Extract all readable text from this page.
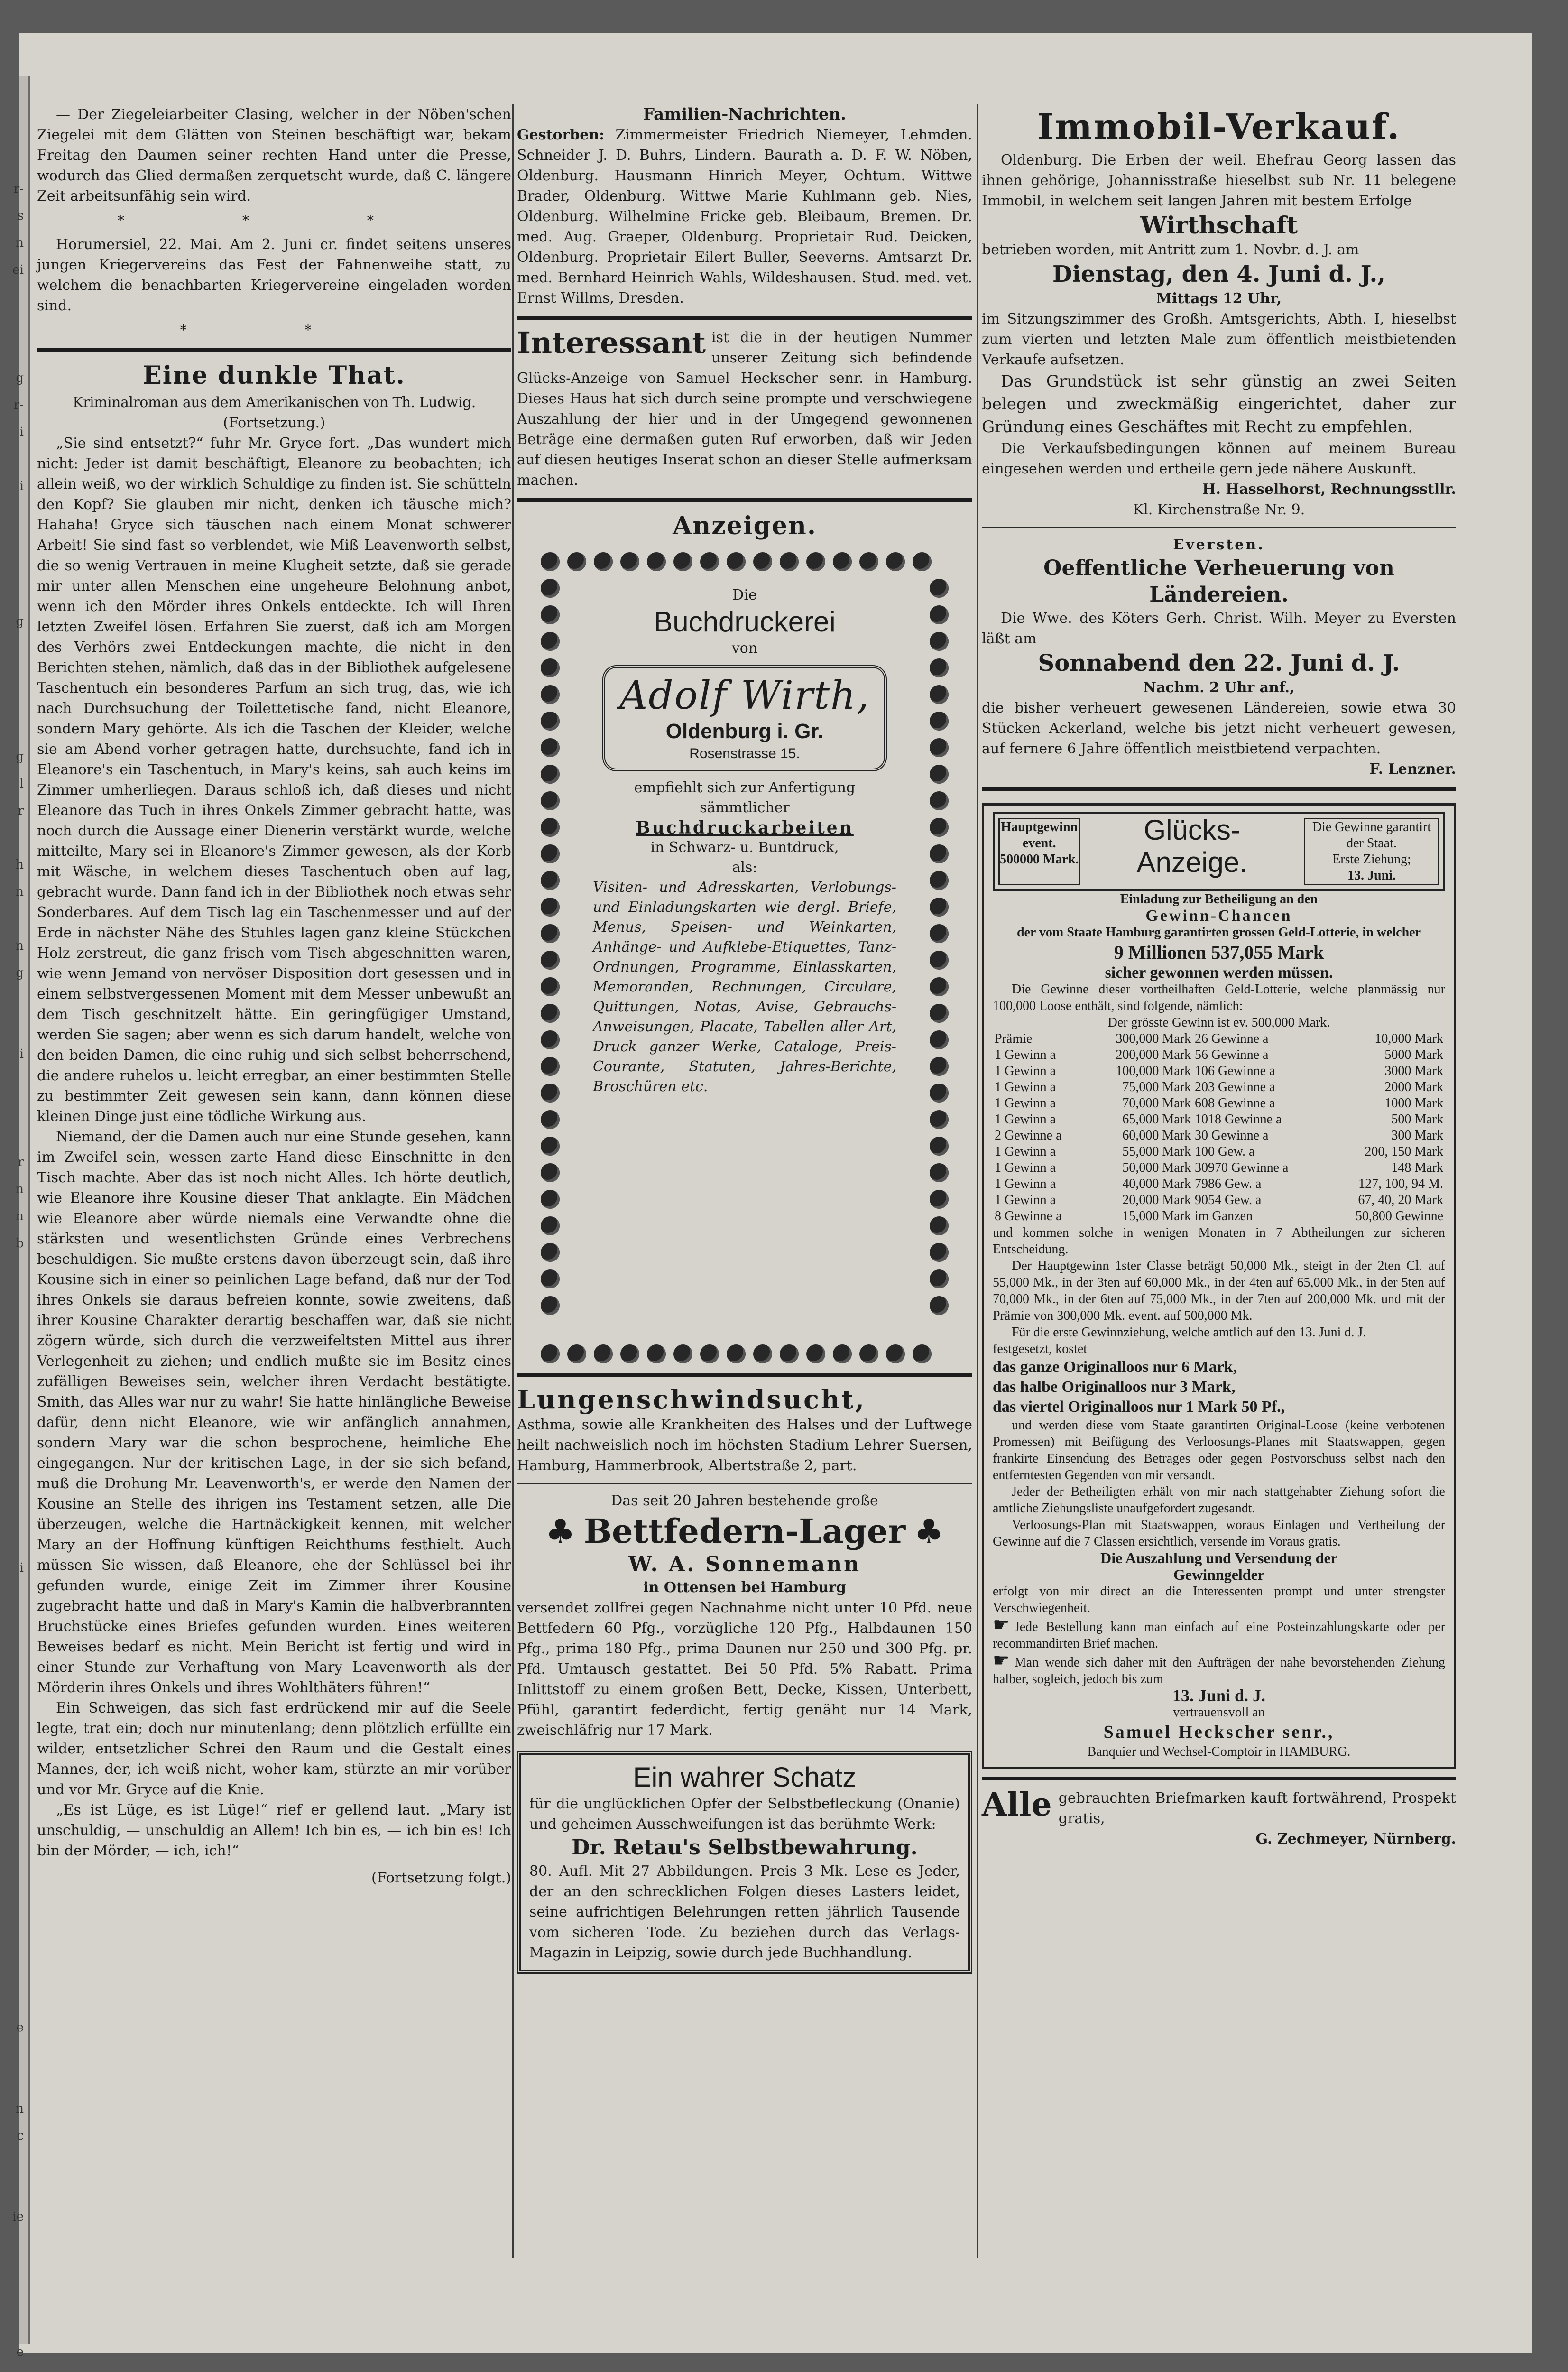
r-
s
n
ei

g
r-
i

i

g

g
l
r

h
n

n
g

i

r
n
n
b

i

e

n
c

ie

e

— Der Ziegeleiarbeiter Clasing, welcher in der Nöben'schen Ziegelei mit dem Glätten von Steinen beschäftigt war, bekam Freitag den Daumen seiner rechten Hand unter die Presse, wodurch das Glied dermaßen zerquetscht wurde, daß C. längere Zeit arbeitsunfähig sein wird.

* * *

Horumersiel, 22. Mai. Am 2. Juni cr. findet seitens unseres jungen Kriegervereins das Fest der Fahnenweihe statt, zu welchem die benachbarten Kriegervereine eingeladen worden sind.

* *
Eine dunkle That.
Kriminalroman aus dem Amerikanischen von Th. Ludwig.
(Fortsetzung.)

„Sie sind entsetzt?“ fuhr Mr. Gryce fort. „Das wundert mich nicht: Jeder ist damit beschäftigt, Eleanore zu beobachten; ich allein weiß, wo der wirklich Schuldige zu finden ist. Sie schütteln den Kopf? Sie glauben mir nicht, denken ich täusche mich? Hahaha! Gryce sich täuschen nach einem Monat schwerer Arbeit! Sie sind fast so verblendet, wie Miß Leavenworth selbst, die so wenig Vertrauen in meine Klugheit setzte, daß sie gerade mir unter allen Menschen eine ungeheure Belohnung anbot, wenn ich den Mörder ihres Onkels entdeckte. Ich will Ihren letzten Zweifel lösen. Erfahren Sie zuerst, daß ich am Morgen des Verhörs zwei Entdeckungen machte, die nicht in den Berichten stehen, nämlich, daß das in der Bibliothek aufgelesene Taschentuch ein besonderes Parfum an sich trug, das, wie ich nach Durchsuchung der Toilettetische fand, nicht Eleanore, sondern Mary gehörte. Als ich die Taschen der Kleider, welche sie am Abend vorher getragen hatte, durchsuchte, fand ich in Eleanore's ein Taschentuch, in Mary's keins, sah auch keins im Zimmer umherliegen. Daraus schloß ich, daß dieses und nicht Eleanore das Tuch in ihres Onkels Zimmer gebracht hatte, was noch durch die Aussage einer Dienerin verstärkt wurde, welche mitteilte, Mary sei in Eleanore's Zimmer gewesen, als der Korb mit Wäsche, in welchem dieses Taschentuch oben auf lag, gebracht wurde. Dann fand ich in der Bibliothek noch etwas sehr Sonderbares. Auf dem Tisch lag ein Taschenmesser und auf der Erde in nächster Nähe des Stuhles lagen ganz kleine Stückchen Holz zerstreut, die ganz frisch vom Tisch abgeschnitten waren, wie wenn Jemand von nervöser Disposition dort gesessen und in einem selbstvergessenen Moment mit dem Messer unbewußt an dem Tisch geschnitzelt hätte. Ein geringfügiger Umstand, werden Sie sagen; aber wenn es sich darum handelt, welche von den beiden Damen, die eine ruhig und sich selbst beherrschend, die andere ruhelos u. leicht erregbar, an einer bestimmten Stelle zu bestimmter Zeit gewesen sein kann, dann können diese kleinen Dinge just eine tödliche Wirkung aus.

Niemand, der die Damen auch nur eine Stunde gesehen, kann im Zweifel sein, wessen zarte Hand diese Einschnitte in den Tisch machte. Aber das ist noch nicht Alles. Ich hörte deutlich, wie Eleanore ihre Kousine dieser That anklagte. Ein Mädchen wie Eleanore aber würde niemals eine Verwandte ohne die stärksten und wesentlichsten Gründe eines Verbrechens beschuldigen. Sie mußte erstens davon überzeugt sein, daß ihre Kousine sich in einer so peinlichen Lage befand, daß nur der Tod ihres Onkels sie daraus befreien konnte, sowie zweitens, daß ihrer Kousine Charakter derartig beschaffen war, daß sie nicht zögern würde, sich durch die verzweifeltsten Mittel aus ihrer Verlegenheit zu ziehen; und endlich mußte sie im Besitz eines zufälligen Beweises sein, welcher ihren Verdacht bestätigte. Smith, das Alles war nur zu wahr! Sie hatte hinlängliche Beweise dafür, denn nicht Eleanore, wie wir anfänglich annahmen, sondern Mary war die schon besprochene, heimliche Ehe eingegangen. Nur der kritischen Lage, in der sie sich befand, muß die Drohung Mr. Leavenworth's, er werde den Namen der Kousine an Stelle des ihrigen ins Testament setzen, alle Die überzeugen, welche die Hartnäckigkeit kennen, mit welcher Mary an der Hoffnung künftigen Reichthums festhielt. Auch müssen Sie wissen, daß Eleanore, ehe der Schlüssel bei ihr gefunden wurde, einige Zeit im Zimmer ihrer Kousine zugebracht hatte und daß in Mary's Kamin die halbverbrannten Bruchstücke eines Briefes gefunden wurden. Eines weiteren Beweises bedarf es nicht. Mein Bericht ist fertig und wird in einer Stunde zur Verhaftung von Mary Leavenworth als der Mörderin ihres Onkels und ihres Wohlthäters führen!“

Ein Schweigen, das sich fast erdrückend mir auf die Seele legte, trat ein; doch nur minutenlang; denn plötzlich erfüllte ein wilder, entsetzlicher Schrei den Raum und die Gestalt eines Mannes, der, ich weiß nicht, woher kam, stürzte an mir vorüber und vor Mr. Gryce auf die Knie.

„Es ist Lüge, es ist Lüge!“ rief er gellend laut. „Mary ist unschuldig, — unschuldig an Allem! Ich bin es, — ich bin es! Ich bin der Mörder, — ich, ich!“

(Fortsetzung folgt.)
Familien-Nachrichten.

Gestorben: Zimmermeister Friedrich Niemeyer, Lehmden. Schneider J. D. Buhrs, Lindern. Baurath a. D. F. W. Nöben, Oldenburg. Hausmann Hinrich Meyer, Ochtum. Wittwe Brader, Oldenburg. Wittwe Marie Kuhlmann geb. Nies, Oldenburg. Wilhelmine Fricke geb. Bleibaum, Bremen. Dr. med. Aug. Graeper, Oldenburg. Proprietair Rud. Deicken, Oldenburg. Proprietair Eilert Buller, Seeverns. Amtsarzt Dr. med. Bernhard Heinrich Wahls, Wildeshausen. Stud. med. vet. Ernst Willms, Dresden.

Interessant ist die in der heutigen Nummer unserer Zeitung sich befindende Glücks-Anzeige von Samuel Heckscher senr. in Hamburg. Dieses Haus hat sich durch seine prompte und verschwiegene Auszahlung der hier und in der Umgegend gewonnenen Beträge eine dermaßen guten Ruf erworben, daß wir Jeden auf diesen heutiges Inserat schon an dieser Stelle aufmerksam machen.

Anzeigen.
Die
Buchdruckerei
von
Adolf Wirth,
Oldenburg i. Gr.
Rosenstrasse 15.
empfiehlt sich zur Anfertigung sämmtlicher
Buchdruckarbeiten
in Schwarz- u. Buntdruck,
als:

Visiten- und Adresskarten, Verlobungs- und Einladungskarten wie dergl. Briefe, Menus, Speisen- und Weinkarten, Anhänge- und Aufklebe-Etiquettes, Tanz-Ordnungen, Programme, Einlasskarten, Memoranden, Rechnungen, Circulare, Quittungen, Notas, Avise, Gebrauchs-Anweisungen, Placate, Tabellen aller Art, Druck ganzer Werke, Cataloge, Preis-Courante, Statuten, Jahres-Berichte, Broschüren etc.

Lungenschwindsucht,

Asthma, sowie alle Krankheiten des Halses und der Luftwege heilt nachweislich noch im höchsten Stadium Lehrer Suersen, Hamburg, Hammerbrook, Albertstraße 2, part.

Das seit 20 Jahren bestehende große
♣ Bettfedern-Lager ♣
W. A. Sonnemann
in Ottensen bei Hamburg

versendet zollfrei gegen Nachnahme nicht unter 10 Pfd. neue Bettfedern 60 Pfg., vorzügliche 120 Pfg., Halbdaunen 150 Pfg., prima 180 Pfg., prima Daunen nur 250 und 300 Pfg. pr. Pfd. Umtausch gestattet. Bei 50 Pfd. 5% Rabatt. Prima Inlittstoff zu einem großen Bett, Decke, Kissen, Unterbett, Pfühl, garantirt federdicht, fertig genäht nur 14 Mark, zweischläfrig nur 17 Mark.

Ein wahrer Schatz

für die unglücklichen Opfer der Selbstbefleckung (Onanie) und geheimen Ausschweifungen ist das berühmte Werk:

Dr. Retau's Selbstbewahrung.

80. Aufl. Mit 27 Abbildungen. Preis 3 Mk. Lese es Jeder, der an den schrecklichen Folgen dieses Lasters leidet, seine aufrichtigen Belehrungen retten jährlich Tausende vom sicheren Tode. Zu beziehen durch das Verlags-Magazin in Leipzig, sowie durch jede Buchhandlung.

Immobil-Verkauf.

Oldenburg. Die Erben der weil. Ehefrau Georg lassen das ihnen gehörige, Johannisstraße hieselbst sub Nr. 11 belegene Immobil, in welchem seit langen Jahren mit bestem Erfolge

Wirthschaft

betrieben worden, mit Antritt zum 1. Novbr. d. J. am

Dienstag, den 4. Juni d. J.,
Mittags 12 Uhr,

im Sitzungszimmer des Großh. Amtsgerichts, Abth. I, hieselbst zum vierten und letzten Male zum öffentlich meistbietenden Verkaufe aufsetzen.

Das Grundstück ist sehr günstig an zwei Seiten belegen und zweckmäßig eingerichtet, daher zur Gründung eines Geschäftes mit Recht zu empfehlen.

Die Verkaufsbedingungen können auf meinem Bureau eingesehen werden und ertheile gern jede nähere Auskunft.

H. Hasselhorst, Rechnungsstllr.
Kl. Kirchenstraße Nr. 9.
Eversten.
Oeffentliche Verheuerung von Ländereien.

Die Wwe. des Köters Gerh. Christ. Wilh. Meyer zu Eversten läßt am

Sonnabend den 22. Juni d. J.
Nachm. 2 Uhr anf.,

die bisher verheuert gewesenen Ländereien, sowie etwa 30 Stücken Ackerland, welche bis jetzt nicht verheuert gewesen, auf fernere 6 Jahre öffentlich meistbietend verpachten.

F. Lenzner.
Hauptgewinn
event.
500000 Mark.
Glücks-
Anzeige.
Die Gewinne garantirt der Staat.
Erste Ziehung;
13. Juni.
Einladung zur Betheiligung an den
Gewinn-Chancen
der vom Staate Hamburg garantirten grossen Geld-Lotterie, in welcher
9 Millionen 537,055 Mark
sicher gewonnen werden müssen.

Die Gewinne dieser vortheilhaften Geld-Lotterie, welche planmässig nur 100,000 Loose enthält, sind folgende, nämlich:

Der grösste Gewinn ist ev. 500,000 Mark.
Prämie	300,000 Mark	26 Gewinne a	10,000 Mark
1 Gewinn a	200,000 Mark	56 Gewinne a	5000 Mark
1 Gewinn a	100,000 Mark	106 Gewinne a	3000 Mark
1 Gewinn a	75,000 Mark	203 Gewinne a	2000 Mark
1 Gewinn a	70,000 Mark	608 Gewinne a	1000 Mark
1 Gewinn a	65,000 Mark	1018 Gewinne a	500 Mark
2 Gewinne a	60,000 Mark	30 Gewinne a	300 Mark
1 Gewinn a	55,000 Mark	100 Gew. a	200, 150 Mark
1 Gewinn a	50,000 Mark	30970 Gewinne a	148 Mark
1 Gewinn a	40,000 Mark	7986 Gew. a	127, 100, 94 M.
1 Gewinn a	20,000 Mark	9054 Gew. a	67, 40, 20 Mark
8 Gewinne a	15,000 Mark	im Ganzen	50,800 Gewinne

und kommen solche in wenigen Monaten in 7 Abtheilungen zur sicheren Entscheidung.

Der Hauptgewinn 1ster Classe beträgt 50,000 Mk., steigt in der 2ten Cl. auf 55,000 Mk., in der 3ten auf 60,000 Mk., in der 4ten auf 65,000 Mk., in der 5ten auf 70,000 Mk., in der 6ten auf 75,000 Mk., in der 7ten auf 200,000 Mk. und mit der Prämie von 300,000 Mk. event. auf 500,000 Mk.

Für die erste Gewinnziehung, welche amtlich auf den 13. Juni d. J.

festgesetzt, kostet

das ganze Originalloos nur 6 Mark,
das halbe Originalloos nur 3 Mark,
das viertel Originalloos nur 1 Mark 50 Pf.,

und werden diese vom Staate garantirten Original-Loose (keine verbotenen Promessen) mit Beifügung des Verloosungs-Planes mit Staatswappen, gegen frankirte Einsendung des Betrages oder gegen Postvorschuss selbst nach den entferntesten Gegenden von mir versandt.

Jeder der Betheiligten erhält von mir nach stattgehabter Ziehung sofort die amtliche Ziehungsliste unaufgefordert zugesandt.

Verloosungs-Plan mit Staatswappen, woraus Einlagen und Vertheilung der Gewinne auf die 7 Classen ersichtlich, versende im Voraus gratis.

Die Auszahlung und Versendung der
Gewinngelder

erfolgt von mir direct an die Interessenten prompt und unter strengster Verschwiegenheit.

☛ Jede Bestellung kann man einfach auf eine Posteinzahlungskarte oder per recommandirten Brief machen.

☛ Man wende sich daher mit den Aufträgen der nahe bevorstehenden Ziehung halber, sogleich, jedoch bis zum

13. Juni d. J.
vertrauensvoll an
Samuel Heckscher senr.,
Banquier und Wechsel-Comptoir in HAMBURG.

Alle gebrauchten Briefmarken kauft fortwährend, Prospekt gratis,

G. Zechmeyer, Nürnberg.
